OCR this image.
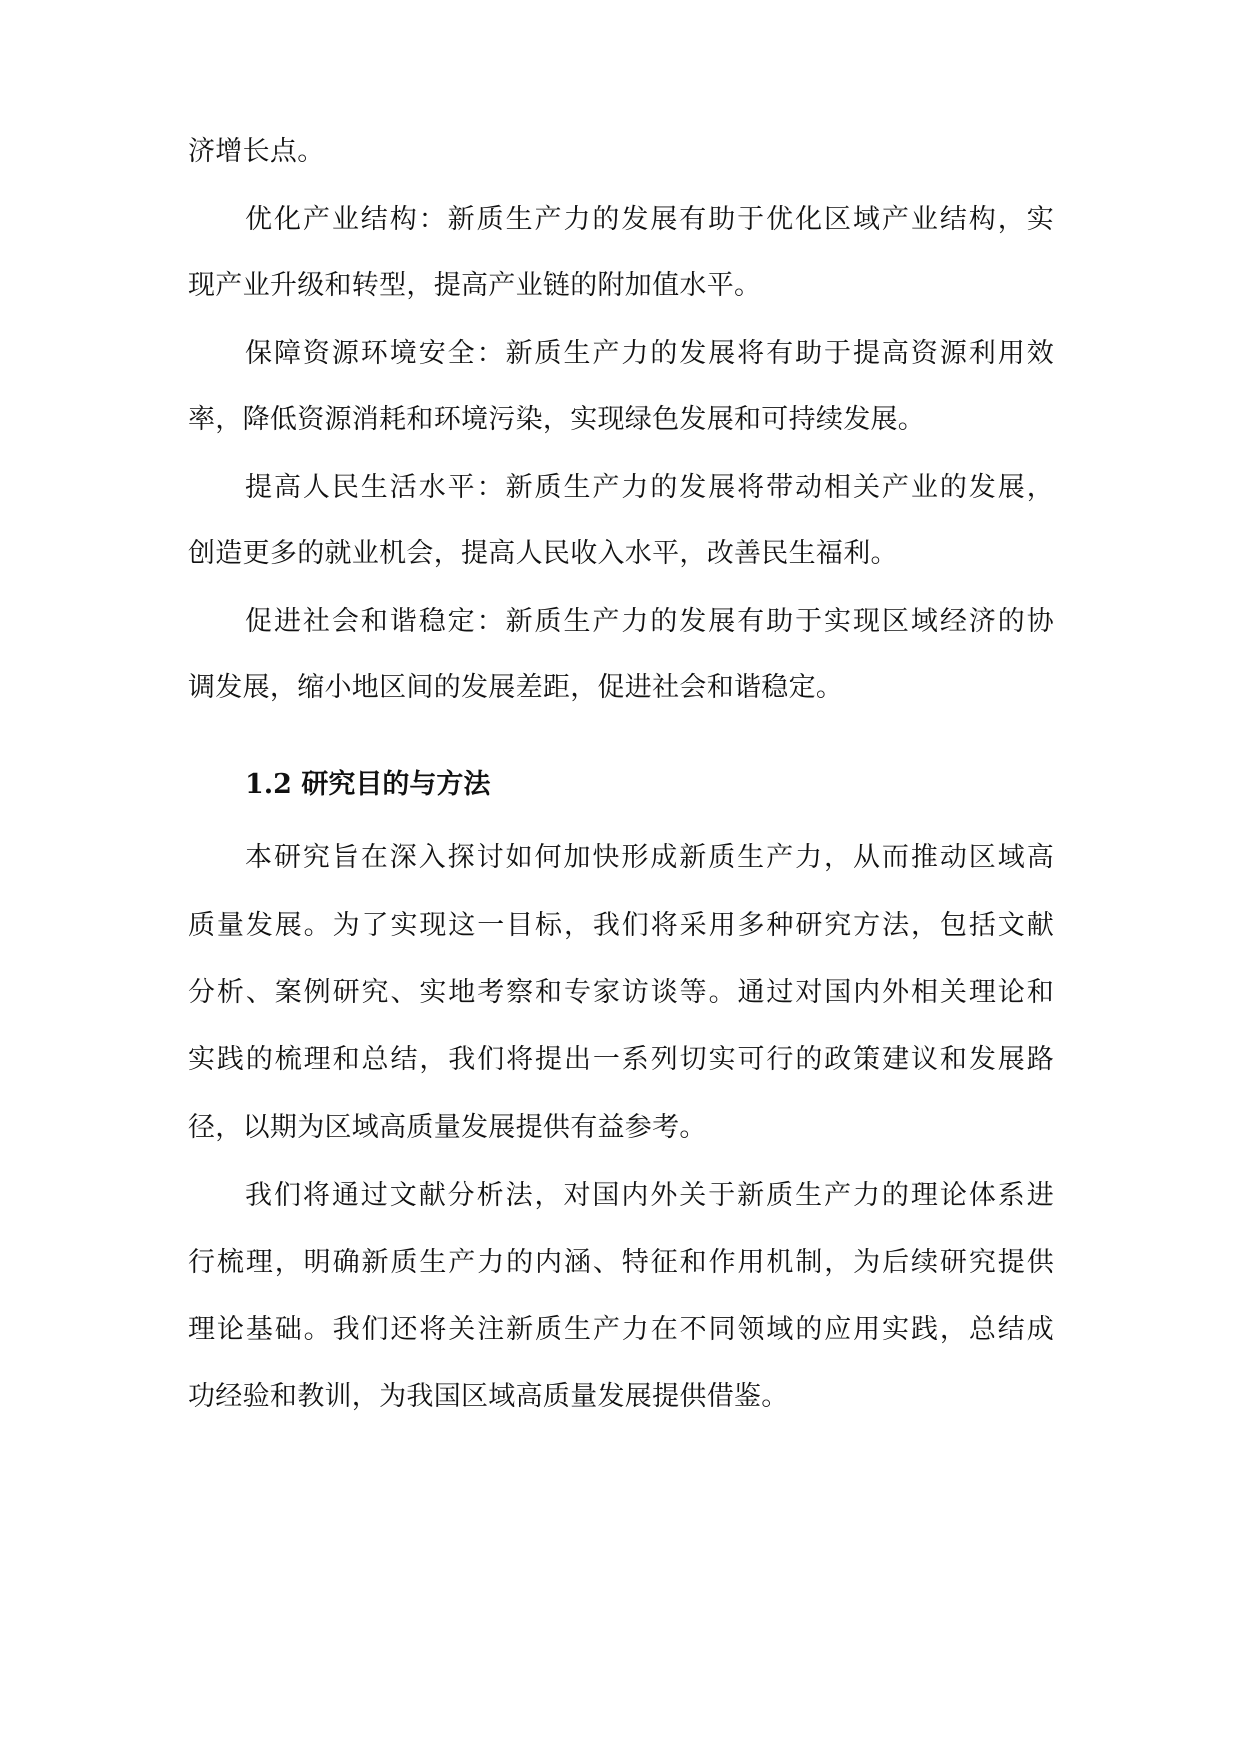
济增长点。
优化产业结构：新质生产力的发展有助于优化区域产业结构，实
现产业升级和转型，提高产业链的附加值水平。
保障资源环境安全：新质生产力的发展将有助于提高资源利用效
率，降低资源消耗和环境污染，实现绿色发展和可持续发展。
提高人民生活水平：新质生产力的发展将带动相关产业的发展，
创造更多的就业机会，提高人民收入水平，改善民生福利。
促进社会和谐稳定：新质生产力的发展有助于实现区域经济的协
调发展，缩小地区间的发展差距，促进社会和谐稳定。
1.2 研究目的与方法
本研究旨在深入探讨如何加快形成新质生产力，从而推动区域高
质量发展。为了实现这一目标，我们将采用多种研究方法，包括文献
分析、案例研究、实地考察和专家访谈等。通过对国内外相关理论和
实践的梳理和总结，我们将提出一系列切实可行的政策建议和发展路
径，以期为区域高质量发展提供有益参考。
我们将通过文献分析法，对国内外关于新质生产力的理论体系进
行梳理，明确新质生产力的内涵、特征和作用机制，为后续研究提供
理论基础。我们还将关注新质生产力在不同领域的应用实践，总结成
功经验和教训，为我国区域高质量发展提供借鉴。
